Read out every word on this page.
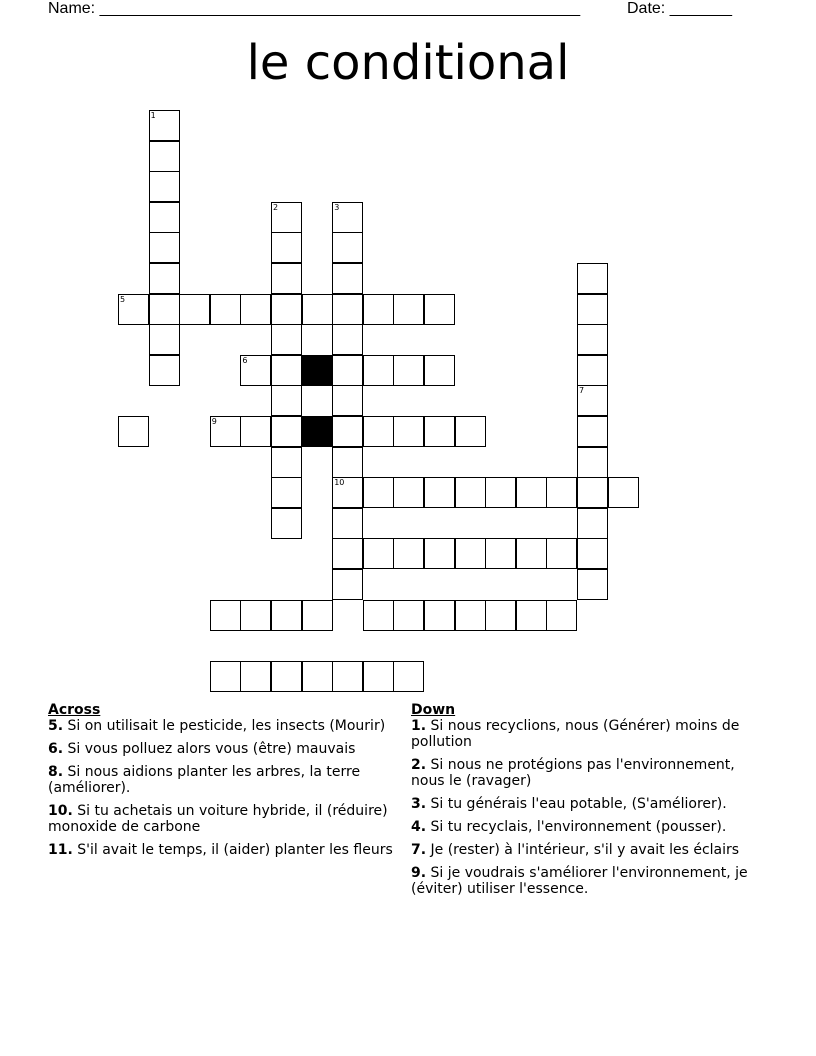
Name: ______________________________________________________	Date: _______
le conditional
1
2	3
10
7
5
6
9
Across
5. Si on utilisait le pesticide, les insects (Mourir)
6. Si vous polluez alors vous (être) mauvais
8. Si nous aidions planter les arbres, la terre (améliorer).
10. Si tu achetais un voiture hybride, il (réduire) monoxide de carbone
11. S'il avait le temps, il (aider) planter les fleurs
Down
1. Si nous recyclions, nous (Générer) moins de pollution
2. Si nous ne protégions pas l'environnement, nous le (ravager)
3. Si tu générais l'eau potable, (S'améliorer).
4. Si tu recyclais, l'environnement (pousser).
7. Je (rester) à l'intérieur, s'il y avait les éclairs
9. Si je voudrais s'améliorer l'environnement, je (éviter) utiliser l'essence.
